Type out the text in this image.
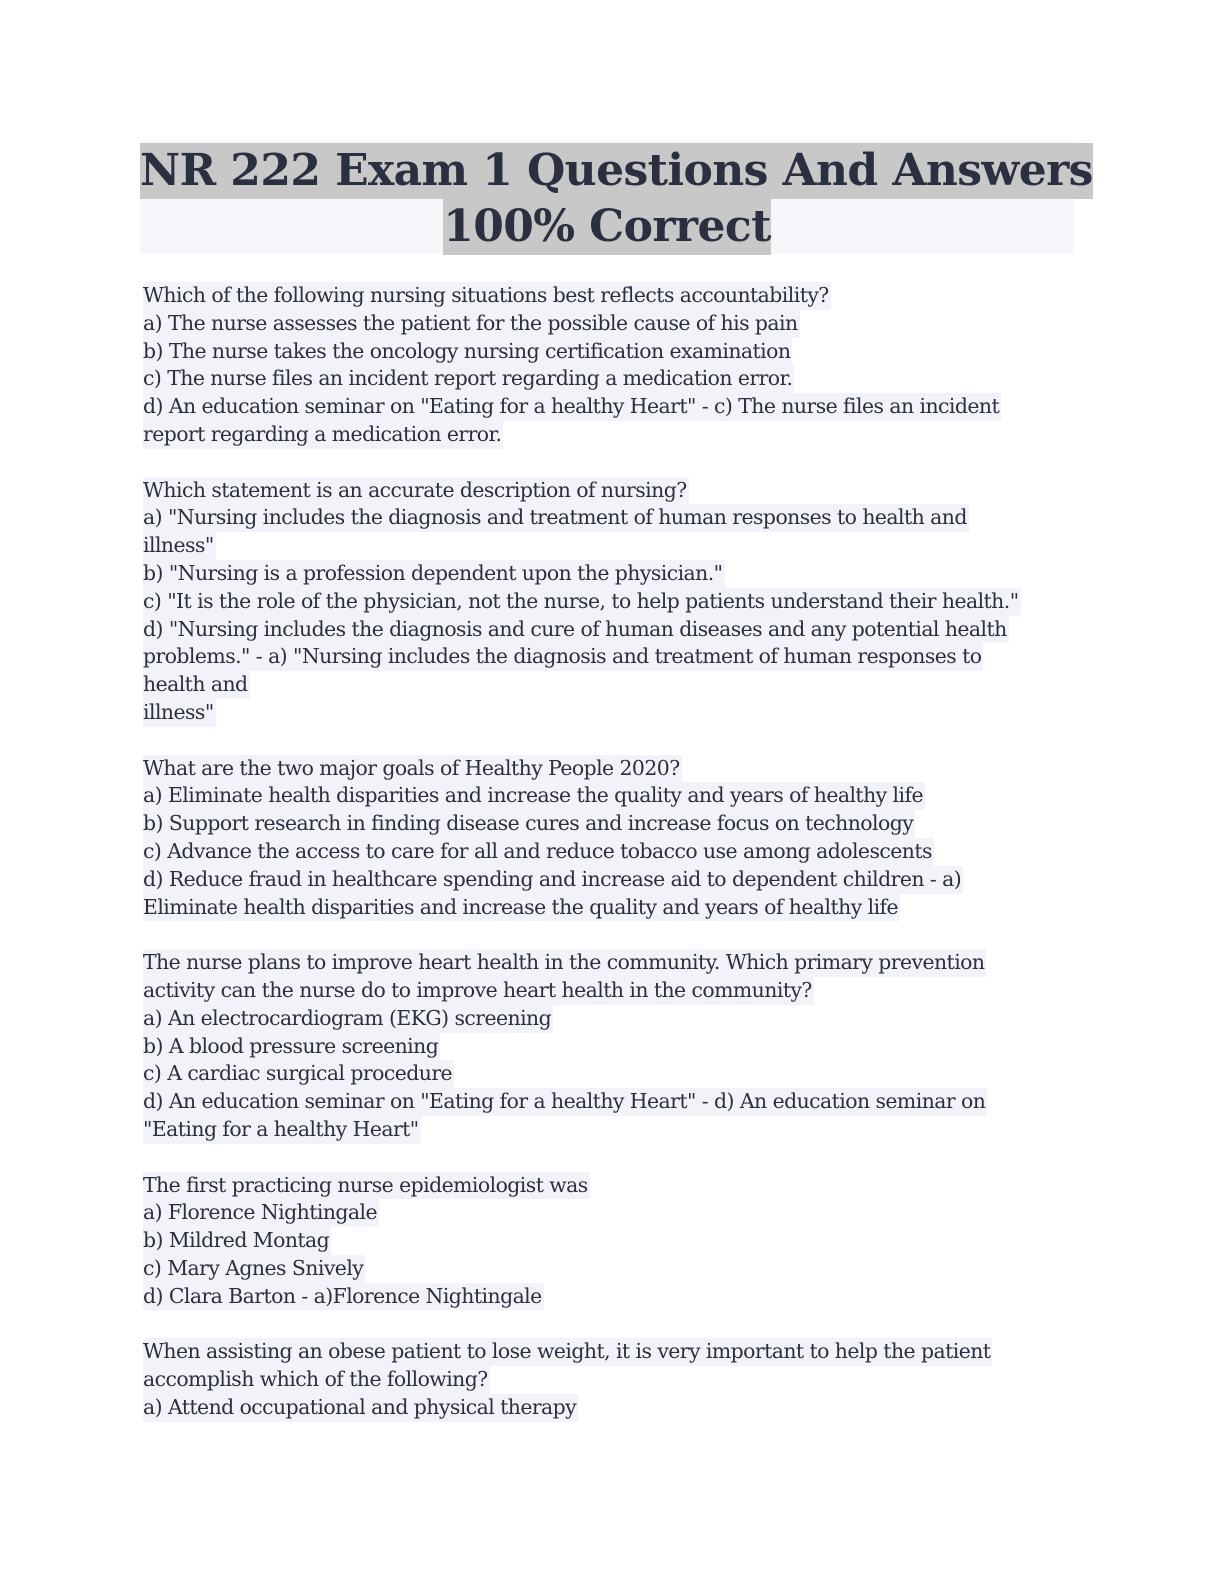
NR 222 Exam 1 Questions And Answers
100% Correct
Which of the following nursing situations best reflects accountability?
a) The nurse assesses the patient for the possible cause of his pain
b) The nurse takes the oncology nursing certification examination
c) The nurse files an incident report regarding a medication error.
d) An education seminar on "Eating for a healthy Heart" - c) The nurse files an incident
report regarding a medication error.
Which statement is an accurate description of nursing?
a) "Nursing includes the diagnosis and treatment of human responses to health and
illness"
b) "Nursing is a profession dependent upon the physician."
c) "It is the role of the physician, not the nurse, to help patients understand their health."
d) "Nursing includes the diagnosis and cure of human diseases and any potential health
problems." - a) "Nursing includes the diagnosis and treatment of human responses to
health and
illness"
What are the two major goals of Healthy People 2020?
a) Eliminate health disparities and increase the quality and years of healthy life
b) Support research in finding disease cures and increase focus on technology
c) Advance the access to care for all and reduce tobacco use among adolescents
d) Reduce fraud in healthcare spending and increase aid to dependent children - a)
Eliminate health disparities and increase the quality and years of healthy life
The nurse plans to improve heart health in the community. Which primary prevention
activity can the nurse do to improve heart health in the community?
a) An electrocardiogram (EKG) screening
b) A blood pressure screening
c) A cardiac surgical procedure
d) An education seminar on "Eating for a healthy Heart" - d) An education seminar on
"Eating for a healthy Heart"
The first practicing nurse epidemiologist was
a) Florence Nightingale
b) Mildred Montag
c) Mary Agnes Snively
d) Clara Barton - a)Florence Nightingale
When assisting an obese patient to lose weight, it is very important to help the patient
accomplish which of the following?
a) Attend occupational and physical therapy
